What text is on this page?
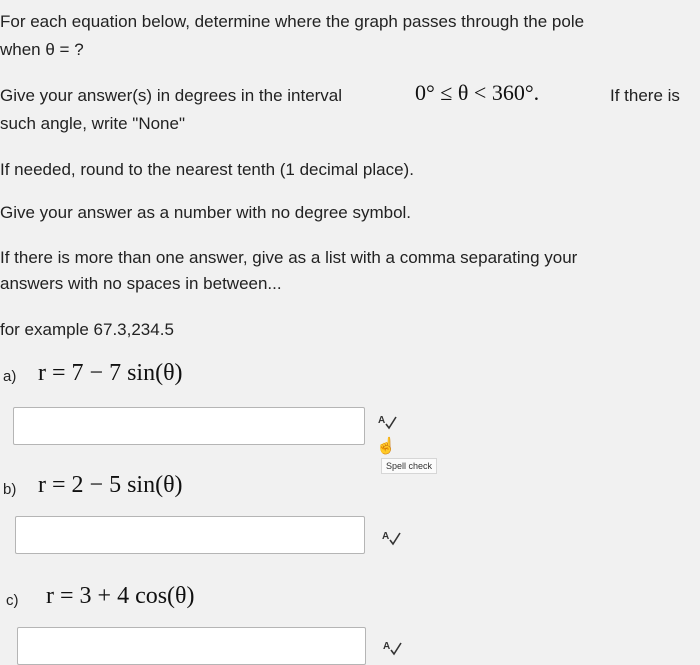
For each equation below, determine where the graph passes through the pole
when θ = ?
Give your answer(s) in degrees in the interval	0° ≤ θ < 360°.	If there is
such angle, write "None"
If needed, round to the nearest tenth (1 decimal place).
Give your answer as a number with no degree symbol.
If there is more than one answer, give as a list with a comma separating your
answers with no spaces in between...
for example 67.3,234.5
a) r = 7 − 7 sin(θ)
A
☝
Spell check
b) r = 2 − 5 sin(θ)
A
c) r = 3 + 4 cos(θ)
A
